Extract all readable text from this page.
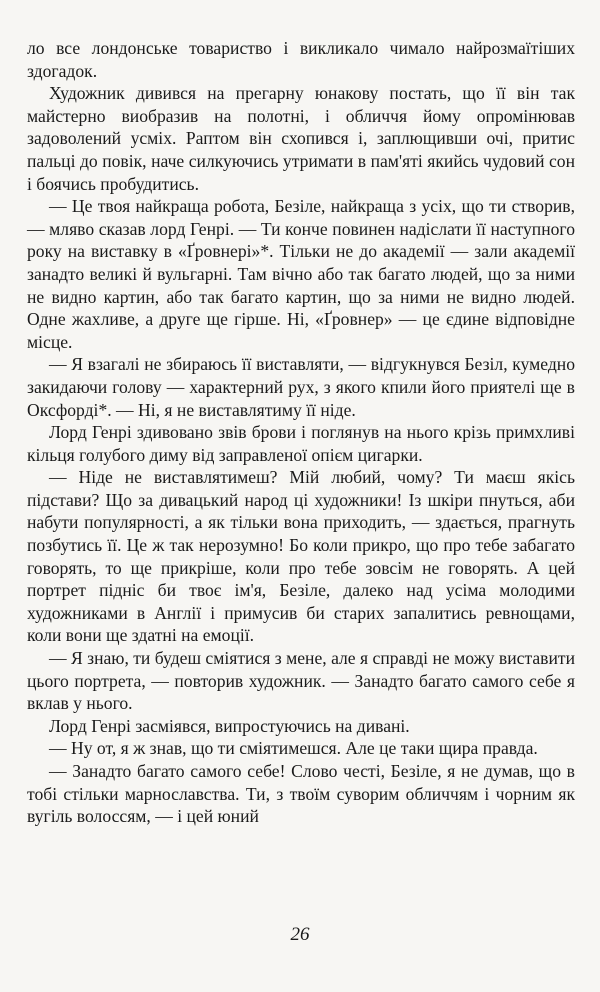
ло все лондонське товариство і викликало чимало найрозмаїтіших здогадок.

Художник дивився на прегарну юнакову постать, що її він так майстерно виобразив на полотні, і обличчя йому опромінював задоволений усміх. Раптом він схопився і, заплющивши очі, притис пальці до повік, наче силкуючись утримати в пам'яті якийсь чудовий сон і боячись пробудитись.

— Це твоя найкраща робота, Безіле, найкраща з усіх, що ти створив, — мляво сказав лорд Генрі. — Ти конче повинен надіслати її наступного року на виставку в «Ґровнері»*. Тільки не до академії — зали академії занадто великі й вульгарні. Там вічно або так багато людей, що за ними не видно картин, або так багато картин, що за ними не видно людей. Одне жахливе, а друге ще гірше. Ні, «Ґровнер» — це єдине відповідне місце.

— Я взагалі не збираюсь її виставляти, — відгукнувся Безіл, кумедно закидаючи голову — характерний рух, з якого кпили його приятелі ще в Оксфорді*. — Ні, я не виставлятиму її ніде.

Лорд Генрі здивовано звів брови і поглянув на нього крізь примхливі кільця голубого диму від заправленої опієм цигарки.

— Ніде не виставлятимеш? Мій любий, чому? Ти маєш якісь підстави? Що за дивацький народ ці художники! Із шкіри пнуться, аби набути популярності, а як тільки вона приходить, — здається, прагнуть позбутись її. Це ж так нерозумно! Бо коли прикро, що про тебе забагато говорять, то ще прикріше, коли про тебе зовсім не говорять. А цей портрет підніс би твоє ім'я, Безіле, далеко над усіма молодими художниками в Англії і примусив би старих запалитись ревнощами, коли вони ще здатні на емоції.

— Я знаю, ти будеш сміятися з мене, але я справді не можу виставити цього портрета, — повторив художник. — Занадто багато самого себе я вклав у нього.

Лорд Генрі засміявся, випростуючись на дивані.

— Ну от, я ж знав, що ти сміятимешся. Але це таки щира правда.

— Занадто багато самого себе! Слово честі, Безіле, я не думав, що в тобі стільки марнославства. Ти, з твоїм суворим обличчям і чорним як вугіль волоссям, — і цей юний

26
